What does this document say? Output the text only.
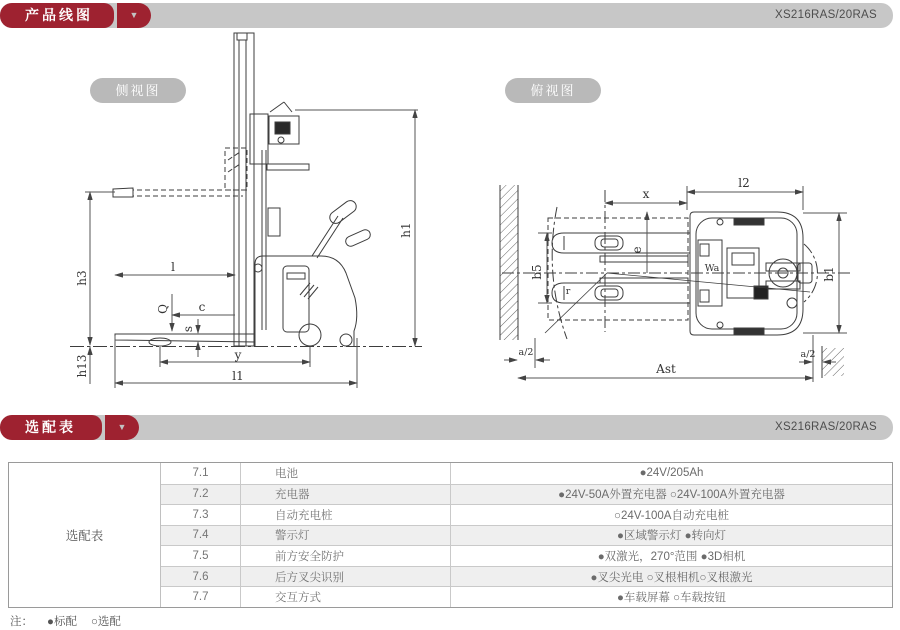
XS216RAS/20RAS
产品线图	▼
侧视图	俯视图
h3
h13
h1
l
Q c
s
y
l1
l2
x
e
b5	b1
a/2	a/2
Ast
Wa
r
XS216RAS/20RAS
选配表	▼
选配表
7.1	电池	●24V/205Ah
7.2	充电器	●24V-50A外置充电器 ○24V-100A外置充电器
7.3	自动充电桩	○24V-100A自动充电桩
7.4	警示灯	●区域警示灯 ●转向灯
7.5	前方安全防护	●双激光，270°范围 ●3D相机
7.6	后方叉尖识别	●叉尖光电 ○叉根相机○叉根激光
7.7	交互方式	●车载屏幕 ○车载按钮
注： ●标配 ○选配
